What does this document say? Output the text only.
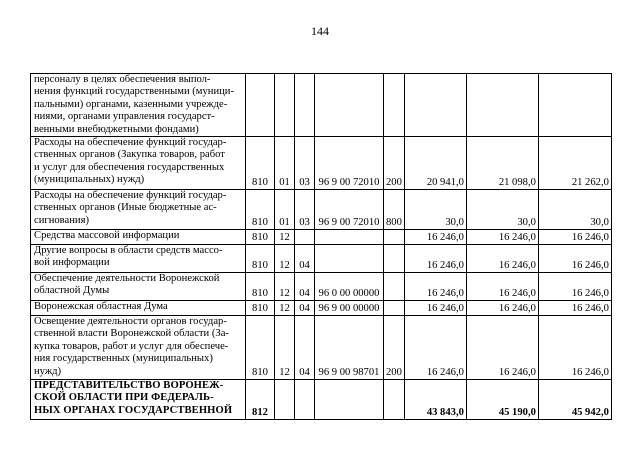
144
персоналу в целях обеспечения выпол-
нения функций государственными (муници-
пальными) органами, казенными учрежде-
ниями, органами управления государст-
венными внебюджетными фондами)								
Расходы на обеспечение функций государ-
ственных органов (Закупка товаров, работ
и услуг для обеспечения государственных
(муниципальных) нужд)	810	01	03	96 9 00 72010	200	20 941,0	21 098,0	21 262,0
Расходы на обеспечение функций государ-
ственных органов (Иные бюджетные ас-
сигнования)	810	01	03	96 9 00 72010	800	30,0	30,0	30,0
Средства массовой информации	810	12				16 246,0	16 246,0	16 246,0
Другие вопросы в области средств массо-
вой информации	810	12	04			16 246,0	16 246,0	16 246,0
Обеспечение деятельности Воронежской
областной Думы	810	12	04	96 0 00 00000		16 246,0	16 246,0	16 246,0
Воронежская областная Дума	810	12	04	96 9 00 00000		16 246,0	16 246,0	16 246,0
Освещение деятельности органов государ-
ственной власти Воронежской области (За-
купка товаров, работ и услуг для обеспече-
ния государственных (муниципальных)
нужд)	810	12	04	96 9 00 98701	200	16 246,0	16 246,0	16 246,0
ПРЕДСТАВИТЕЛЬСТВО ВОРОНЕЖ-
СКОЙ ОБЛАСТИ ПРИ ФЕДЕРАЛЬ-
НЫХ ОРГАНАХ ГОСУДАРСТВЕННОЙ	812					43 843,0	45 190,0	45 942,0
